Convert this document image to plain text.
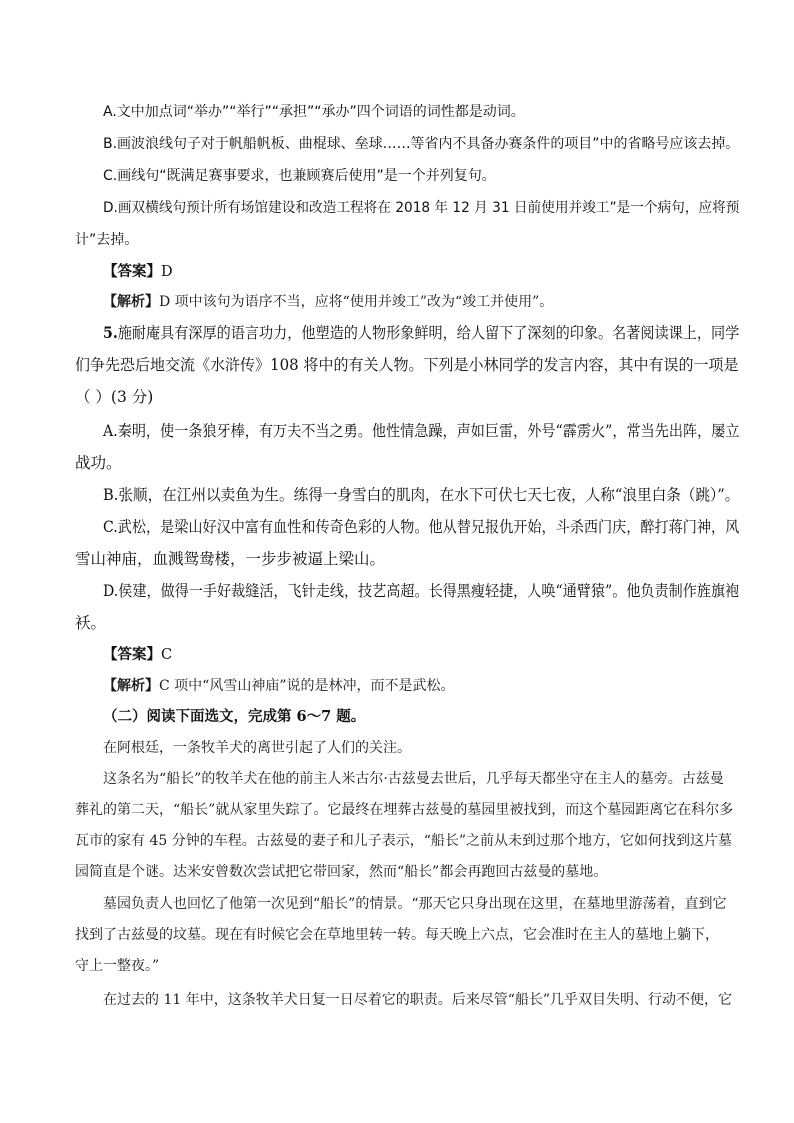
A.文中加点词“举办”“举行”“承担”“承办”四个词语的词性都是动词。
B.画波浪线句子对于帆船帆板、曲棍球、垒球……等省内不具备办赛条件的项目”中的省略号应该去掉。
C.画线句“既满足赛事要求，也兼顾赛后使用”是一个并列复句。
D.画双横线句预计所有场馆建设和改造工程将在 2018 年 12 月 31 日前使用并竣工”是一个病句，应将预
计”去掉。
【答案】D
【解析】D 项中该句为语序不当，应将“使用并竣工”改为“竣工并使用”。
5.施耐庵具有深厚的语言功力，他塑造的人物形象鲜明，给人留下了深刻的印象。名著阅读课上，同学
们争先恐后地交流《水浒传》108 将中的有关人物。下列是小林同学的发言内容，其中有误的一项是
（ ）(3 分)
A.秦明，使一条狼牙棒，有万夫不当之勇。他性情急躁，声如巨雷，外号“霹雳火”，常当先出阵，屡立
战功。
B.张顺，在江州以卖鱼为生。练得一身雪白的肌肉，在水下可伏七天七夜，人称“浪里白条（跳）”。
C.武松，是梁山好汉中富有血性和传奇色彩的人物。他从替兄报仇开始，斗杀西门庆，醉打蒋门神，风
雪山神庙，血溅鸳鸯楼，一步步被逼上梁山。
D.侯建，做得一手好裁缝活，飞针走线，技艺高超。长得黑瘦轻捷，人唤“通臂猿”。他负责制作旌旗袍
袄。
【答案】C
【解析】C 项中“风雪山神庙”说的是林冲，而不是武松。
（二）阅读下面选文，完成第 6～7 题。
在阿根廷，一条牧羊犬的离世引起了人们的关注。
这条名为“船长”的牧羊犬在他的前主人米古尔·古兹曼去世后，几乎每天都坐守在主人的墓旁。古兹曼
葬礼的第二天，“船长”就从家里失踪了。它最终在埋葬古兹曼的墓园里被找到，而这个墓园距离它在科尔多
瓦市的家有 45 分钟的车程。古兹曼的妻子和儿子表示，“船长”之前从未到过那个地方，它如何找到这片墓
园简直是个谜。达米安曾数次尝试把它带回家，然而“船长”都会再跑回古兹曼的墓地。
墓园负责人也回忆了他第一次见到“船长”的情景。“那天它只身出现在这里，在墓地里游荡着，直到它
找到了古兹曼的坟墓。现在有时候它会在草地里转一转。每天晚上六点，它会准时在主人的墓地上躺下，
守上一整夜。”
在过去的 11 年中，这条牧羊犬日复一日尽着它的职责。后来尽管“船长”几乎双目失明、行动不便，它
